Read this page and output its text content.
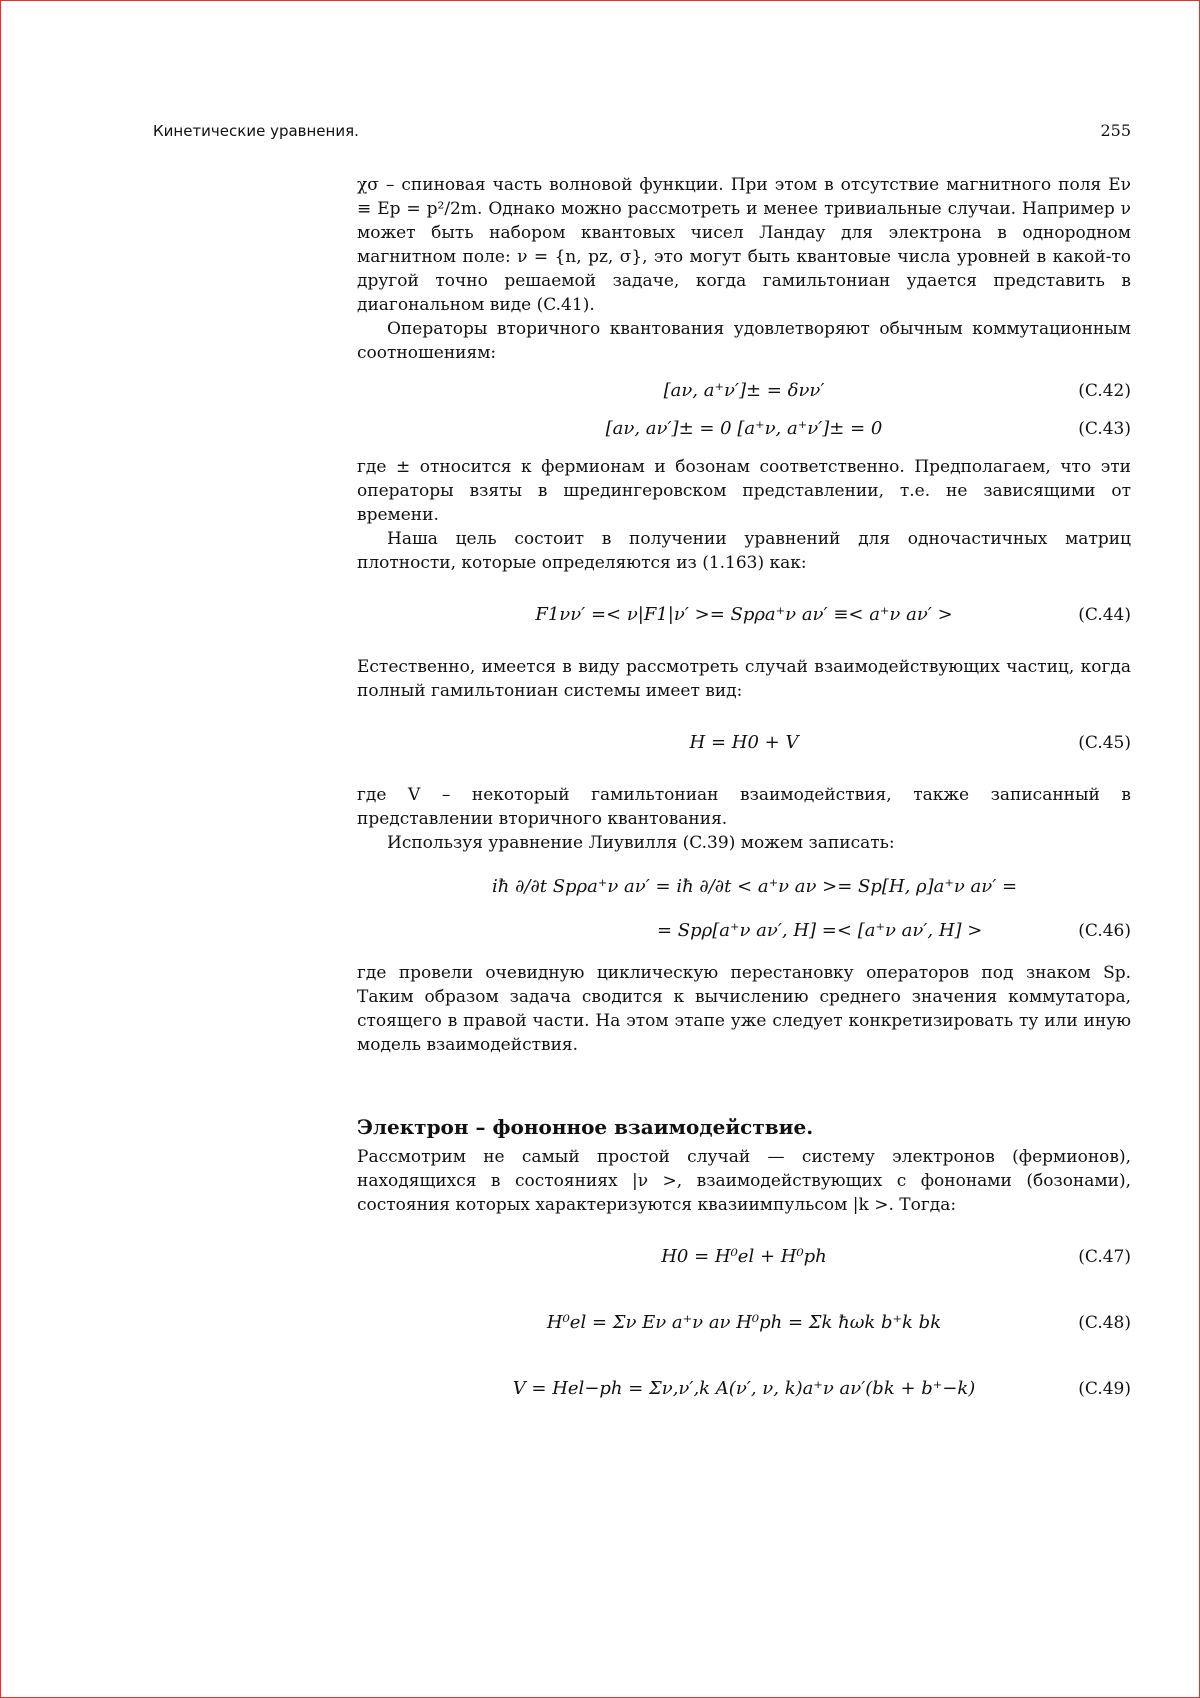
Кинетические уравнения.	255

χσ – спиновая часть волновой функции. При этом в отсутствие магнитного поля Eν ≡ Ep = p²/2m. Однако можно рассмотреть и менее тривиальные случаи. Например ν может быть набором квантовых чисел Ландау для электрона в однородном магнитном поле: ν = {n, pz, σ}, это могут быть квантовые числа уровней в какой-то другой точно решаемой задаче, когда гамильтониан удается представить в диагональном виде (C.41).

Операторы вторичного квантования удовлетворяют обычным коммутационным соотношениям:

[aν, a⁺ν′]± = δνν′	(C.42)
[aν, aν′]± = 0 [a⁺ν, a⁺ν′]± = 0	(C.43)

где ± относится к фермионам и бозонам соответственно. Предполагаем, что эти операторы взяты в шредингеровском представлении, т.е. не зависящими от времени.

Наша цель состоит в получении уравнений для одночастичных матриц плотности, которые определяются из (1.163) как:

F1νν′ =< ν|F1|ν′ >= Spρa⁺ν aν′ ≡< a⁺ν aν′ >	(C.44)

Естественно, имеется в виду рассмотреть случай взаимодействующих частиц, когда полный гамильтониан системы имеет вид:

H = H0 + V	(C.45)

где V – некоторый гамильтониан взаимодействия, также записанный в представлении вторичного квантования.

Используя уравнение Лиувилля (C.39) можем записать:

iħ ∂/∂t Spρa⁺ν aν′ = iħ ∂/∂t < a⁺ν aν >= Sp[H, ρ]a⁺ν aν′ =
= Spρ[a⁺ν aν′, H] =< [a⁺ν aν′, H] >	(C.46)

где провели очевидную циклическую перестановку операторов под знаком Sp. Таким образом задача сводится к вычислению среднего значения коммутатора, стоящего в правой части. На этом этапе уже следует конкретизировать ту или иную модель взаимодействия.

Электрон – фононное взаимодействие.

Рассмотрим не самый простой случай — систему электронов (фермионов), находящихся в состояниях |ν >, взаимодействующих с фононами (бозонами), состояния которых характеризуются квазиимпульсом |k >. Тогда:

H0 = H⁰el + H⁰ph	(C.47)
H⁰el = Σν Eν a⁺ν aν H⁰ph = Σk ħωk b⁺k bk	(C.48)
V = Hel−ph = Σν,ν′,k A(ν′, ν, k)a⁺ν aν′(bk + b⁺−k)	(C.49)
